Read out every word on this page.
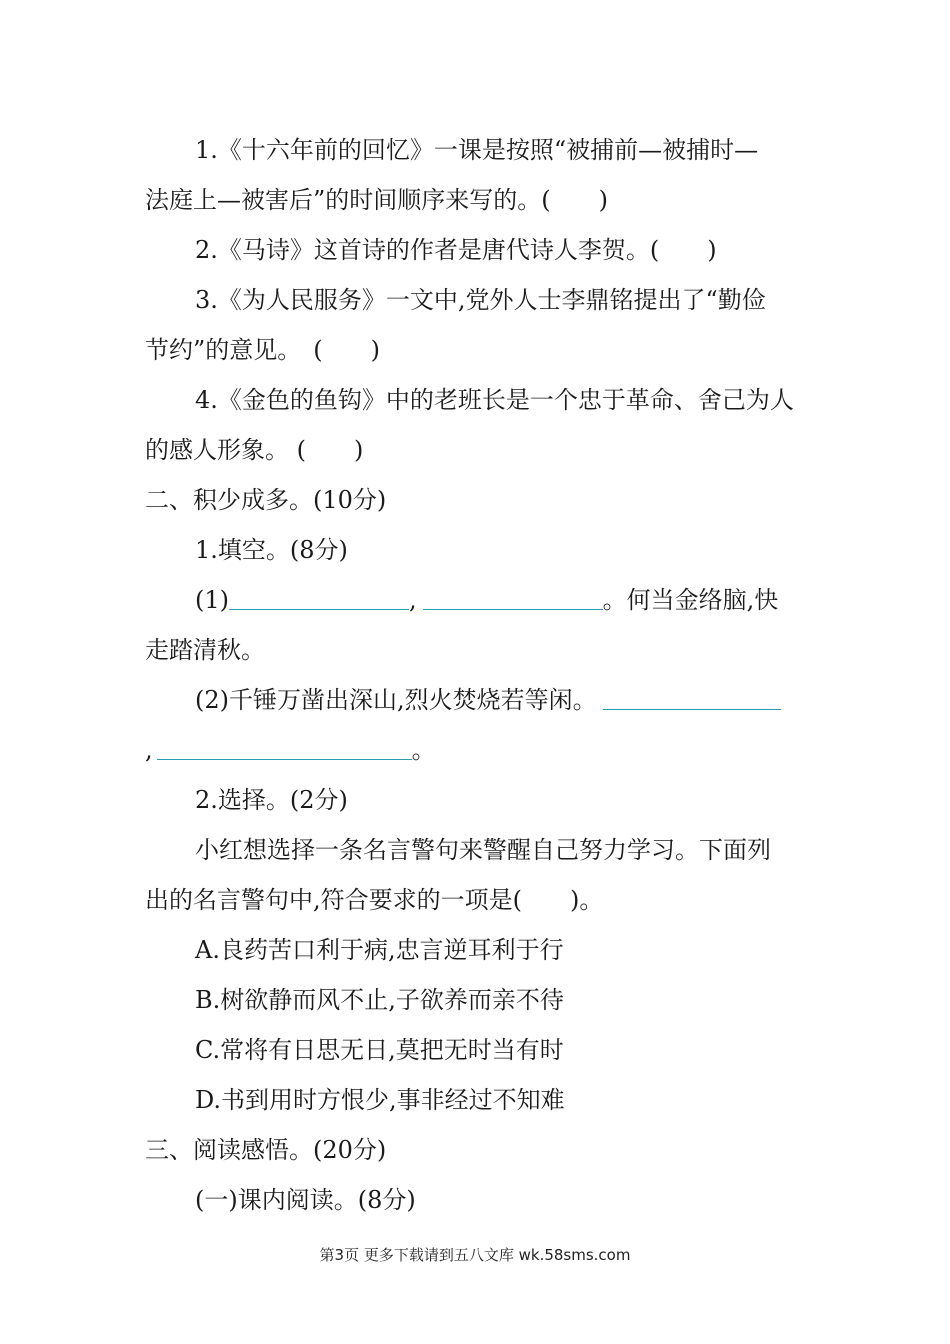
1.《十六年前的回忆》一课是按照“被捕前—被捕时—
法庭上—被害后”的时间顺序来写的。(　　)
2.《马诗》这首诗的作者是唐代诗人李贺。(　　)
3.《为人民服务》一文中,党外人士李鼎铭提出了“勤俭
节约”的意见。　(　　)
4.《金色的鱼钩》中的老班长是一个忠于革命、舍己为人
的感人形象。 (　　)
二、积少成多。(10分)
1.填空。(8分)
(1)	,	。何当金络脑,快
走踏清秋。
(2)千锤万凿出深山,烈火焚烧若等闲。
,	。
2.选择。(2分)
小红想选择一条名言警句来警醒自己努力学习。下面列
出的名言警句中,符合要求的一项是(　　)。
A.良药苦口利于病,忠言逆耳利于行
B.树欲静而风不止,子欲养而亲不待
C.常将有日思无日,莫把无时当有时
D.书到用时方恨少,事非经过不知难
三、阅读感悟。(20分)
(一)课内阅读。(8分)
第3页 更多下载请到五八文库 wk.58sms.com
